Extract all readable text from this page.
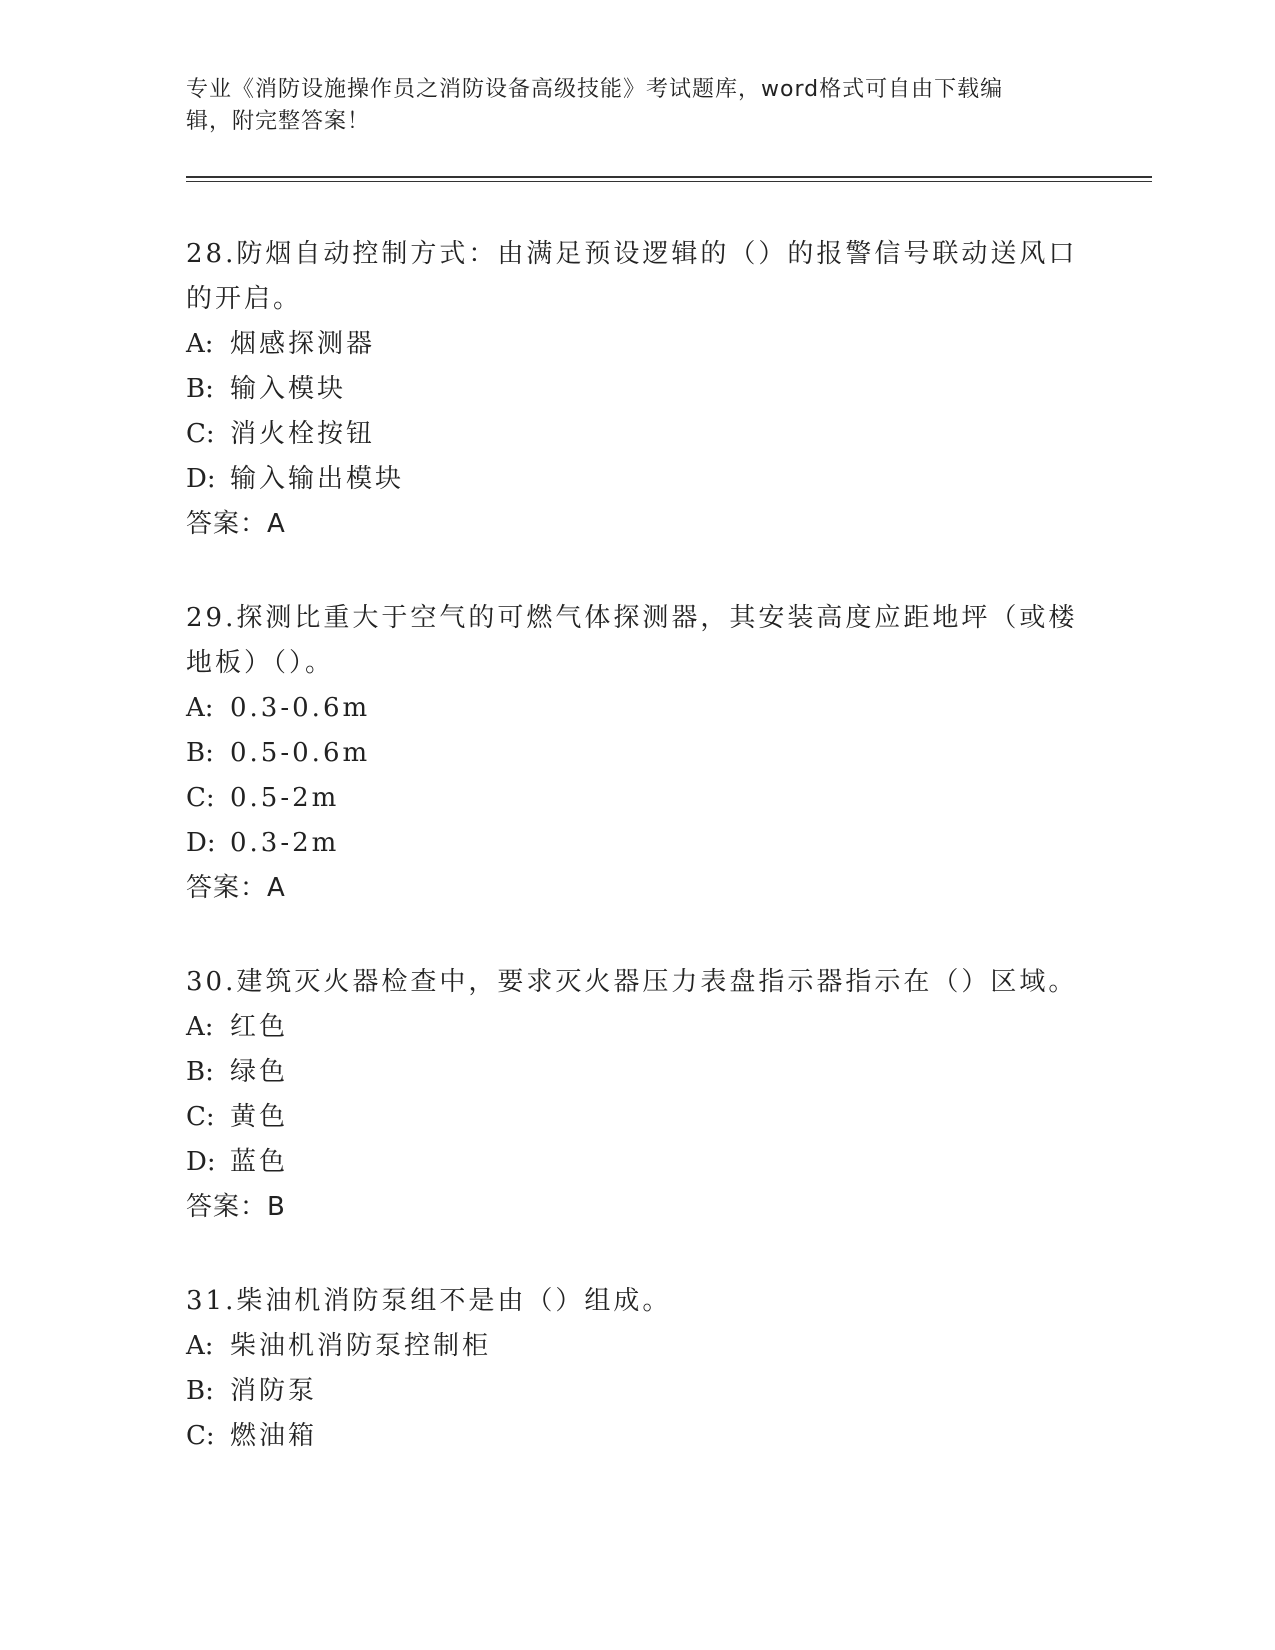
专业《消防设施操作员之消防设备高级技能》考试题库，word格式可自由下载编
辑，附完整答案！

28.防烟自动控制方式：由满足预设逻辑的（）的报警信号联动送风口

的开启。

A: 烟感探测器

B: 输入模块

C: 消火栓按钮

D: 输入输出模块

答案：A

29.探测比重大于空气的可燃气体探测器，其安装高度应距地坪（或楼

地板）（）。

A: 0.3-0.6m

B: 0.5-0.6m

C: 0.5-2m

D: 0.3-2m

答案：A

30.建筑灭火器检查中，要求灭火器压力表盘指示器指示在（）区域。

A: 红色

B: 绿色

C: 黄色

D: 蓝色

答案：B

31.柴油机消防泵组不是由（）组成。

A: 柴油机消防泵控制柜

B: 消防泵

C: 燃油箱
